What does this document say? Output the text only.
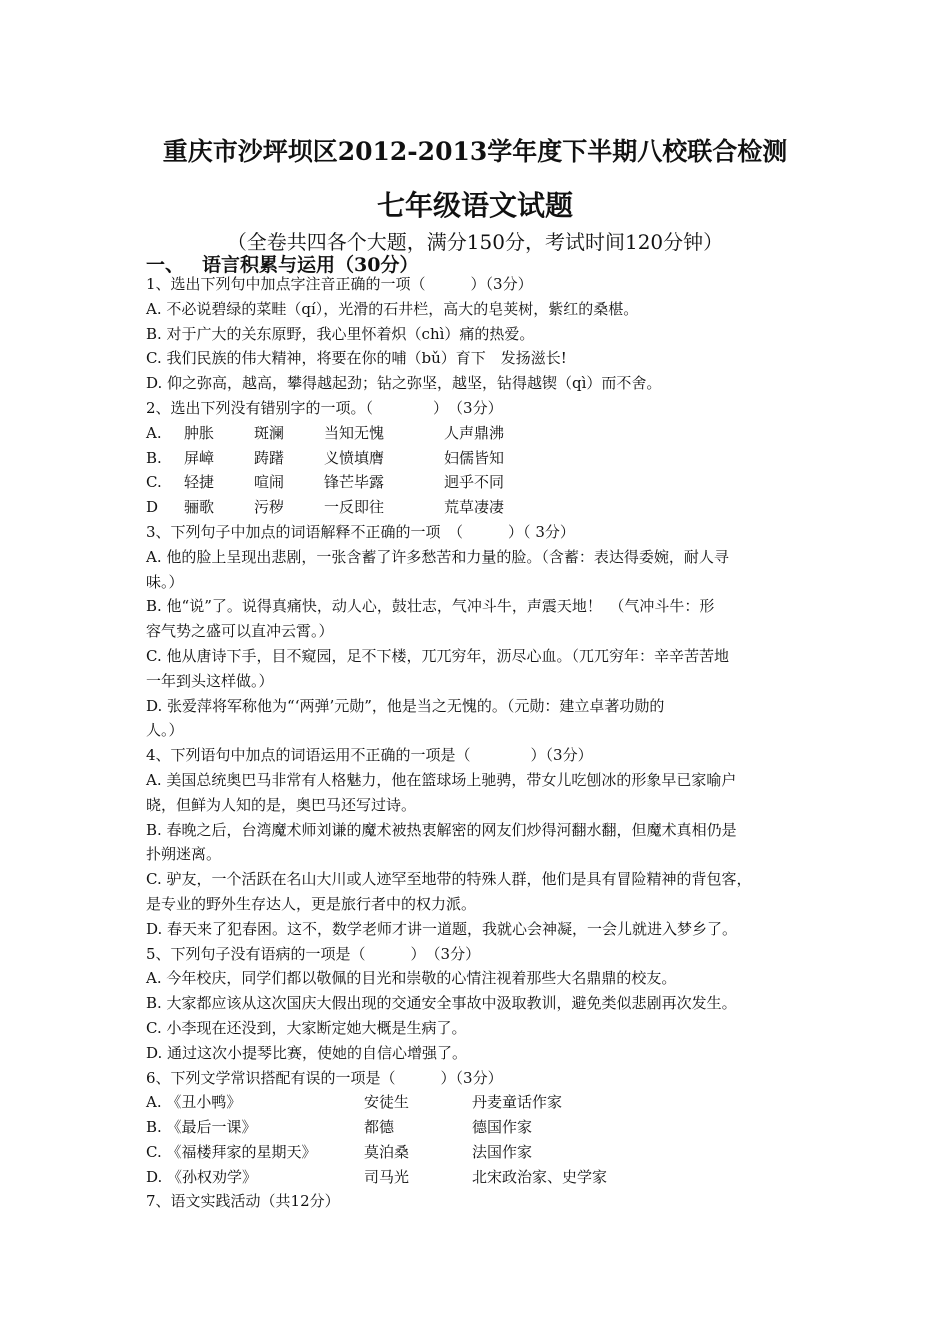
重庆市沙坪坝区2012-2013学年度下半期八校联合检测
七年级语文试题
（全卷共四各个大题，满分150分，考试时间120分钟）
一、 语言积累与运用（30分）
1、选出下列句中加点字注音正确的一项（　　　）（3分）
A. 不必说碧绿的菜畦（qí），光滑的石井栏，高大的皂荚树，紫红的桑椹。
B. 对于广大的关东原野，我心里怀着炽（chì）痛的热爱。
C. 我们民族的伟大精神，将要在你的哺（bǔ）育下　发扬滋长!
D. 仰之弥高，越高，攀得越起劲；钻之弥坚，越坚，钻得越锲（qì）而不舍。
2、选出下列没有错别字的一项。（　　　　）　（3分）
A. 肿胀	斑澜	当知无愧	人声鼎沸
B. 屏嶂	踌躇	义愤填膺	妇儒皆知
C. 轻捷	喧闹	锋芒毕露	迥乎不同
D 骊歌	污秽	一反即往	荒草凄凄
3、下列句子中加点的词语解释不正确的一项　（　　　）（ 3分）
A. 他的脸上呈现出悲剧，一张含蓄了许多愁苦和力量的脸。（含蓄：表达得委婉，耐人寻
味。）
B. 他“说”了。说得真痛快，动人心，鼓壮志，气冲斗牛，声震天地！　（气冲斗牛：形
容气势之盛可以直冲云霄。）
C. 他从唐诗下手，目不窥园，足不下楼，兀兀穷年，沥尽心血。（兀兀穷年：辛辛苦苦地
一年到头这样做。）
D. 张爱萍将军称他为“‘两弹’元勋”，他是当之无愧的。（元勋：建立卓著功勋的
人。）
4、下列语句中加点的词语运用不正确的一项是（　　　　）（3分）
A. 美国总统奥巴马非常有人格魅力，他在篮球场上驰骋，带女儿吃刨冰的形象早已家喻户
晓，但鲜为人知的是，奥巴马还写过诗。
B. 春晚之后，台湾魔术师刘谦的魔术被热衷解密的网友们炒得河翻水翻，但魔术真相仍是
扑朔迷离。
C. 驴友，一个活跃在名山大川或人迹罕至地带的特殊人群，他们是具有冒险精神的背包客，
是专业的野外生存达人，更是旅行者中的权力派。
D. 春天来了犯春困。这不，数学老师才讲一道题，我就心会神凝，一会儿就进入梦乡了。
5、下列句子没有语病的一项是（　　　）　（3分）
A. 今年校庆，同学们都以敬佩的目光和崇敬的心情注视着那些大名鼎鼎的校友。
B. 大家都应该从这次国庆大假出现的交通安全事故中汲取教训，避免类似悲剧再次发生。
C. 小李现在还没到，大家断定她大概是生病了。
D. 通过这次小提琴比赛，使她的自信心增强了。
6、下列文学常识搭配有误的一项是（　　　）（3分）
A. 《丑小鸭》	安徒生	丹麦童话作家
B. 《最后一课》	都德	德国作家
C. 《福楼拜家的星期天》	莫泊桑	法国作家
D. 《孙权劝学》	司马光	北宋政治家、史学家
7、语文实践活动（共12分）
